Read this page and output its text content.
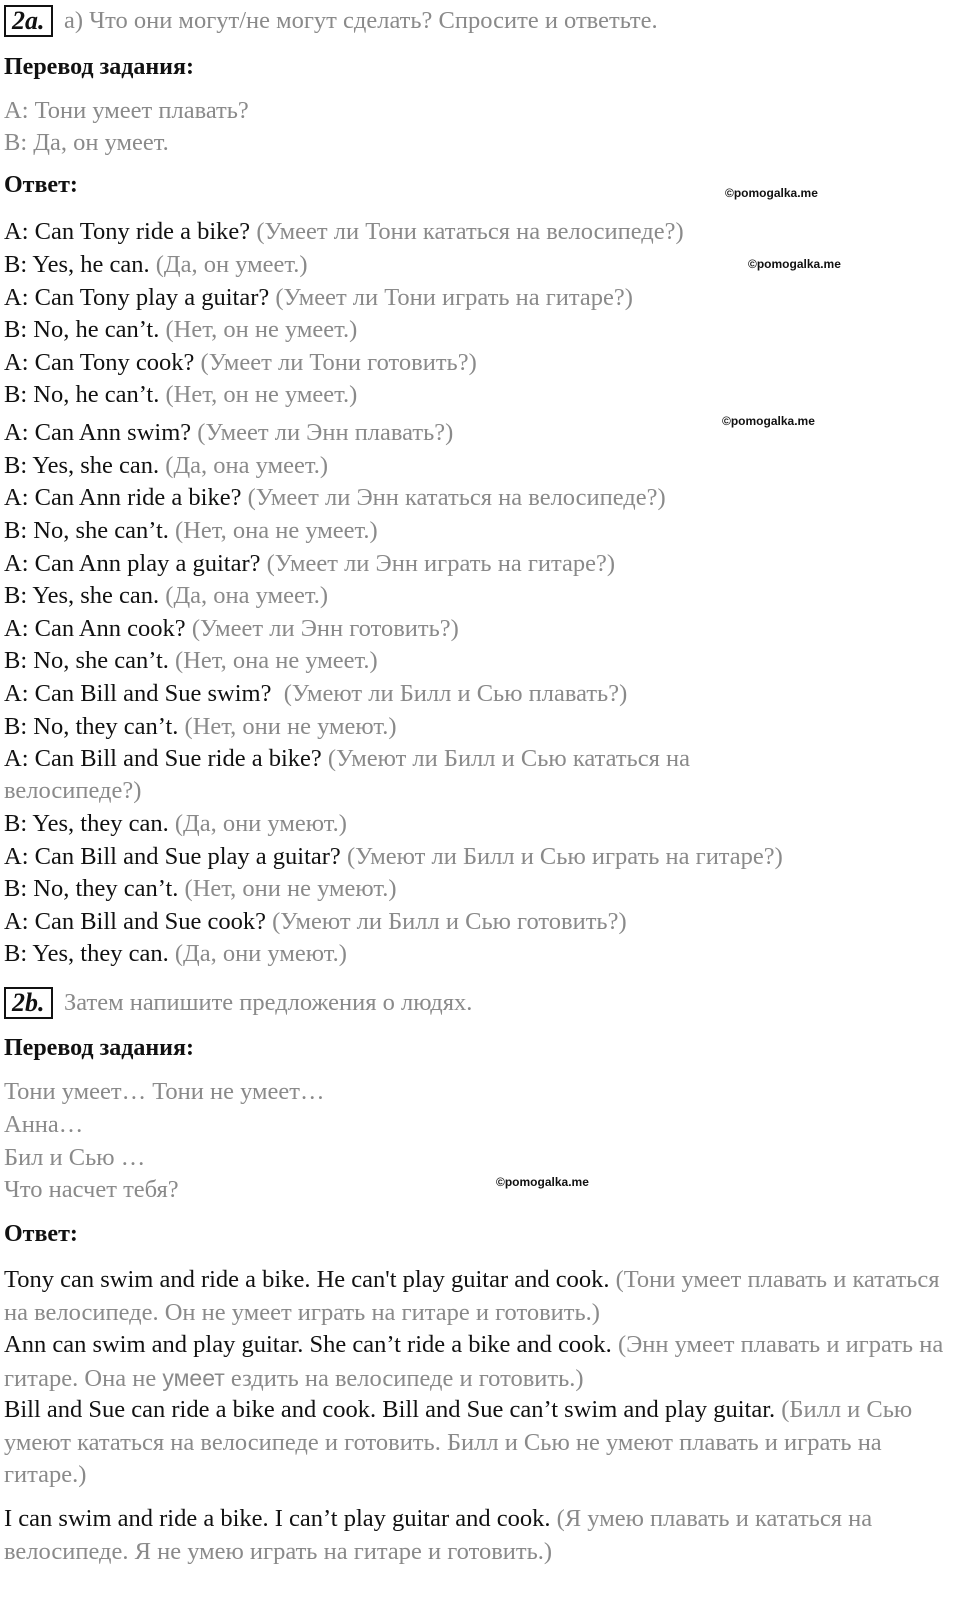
2a. а) Что они могут/не могут сделать? Спросите и ответьте.
Перевод задания:
А: Тони умеет плавать?
В: Да, он умеет.
Ответ:	©pomogalka.me
A: Can Tony ride a bike? (Умеет ли Тони кататься на велосипеде?)
B: Yes, he can. (Да, он умеет.)	©pomogalka.me
A: Can Tony play a guitar? (Умеет ли Тони играть на гитаре?)
B: No, he can’t. (Нет, он не умеет.)
A: Can Tony cook? (Умеет ли Тони готовить?)
B: No, he can’t. (Нет, он не умеет.)
©pomogalka.me
A: Can Ann swim? (Умеет ли Энн плавать?)
B: Yes, she can. (Да, она умеет.)
A: Can Ann ride a bike? (Умеет ли Энн кататься на велосипеде?)
B: No, she can’t. (Нет, она не умеет.)
A: Can Ann play a guitar? (Умеет ли Энн играть на гитаре?)
B: Yes, she can. (Да, она умеет.)
A: Can Ann cook? (Умеет ли Энн готовить?)
B: No, she can’t. (Нет, она не умеет.)
A: Can Bill and Sue swim? (Умеют ли Билл и Сью плавать?)
B: No, they can’t. (Нет, они не умеют.)
A: Can Bill and Sue ride a bike? (Умеют ли Билл и Сью кататься на
велосипеде?)
B: Yes, they can. (Да, они умеют.)
A: Can Bill and Sue play a guitar? (Умеют ли Билл и Сью играть на гитаре?)
B: No, they can’t. (Нет, они не умеют.)
A: Can Bill and Sue cook? (Умеют ли Билл и Сью готовить?)
B: Yes, they can. (Да, они умеют.)
2b. Затем напишите предложения о людях.
Перевод задания:
Тони умеет… Тони не умеет…
Анна…
Бил и Сью …
Что насчет тебя?	©pomogalka.me
Ответ:
Tony can swim and ride a bike. He can't play guitar and cook. (Тони умеет плавать и кататься на велосипеде. Он не умеет играть на гитаре и готовить.)
Ann can swim and play guitar. She can’t ride a bike and cook. (Энн умеет плавать и играть на гитаре. Она не умеет ездить на велосипеде и готовить.)
Bill and Sue can ride a bike and cook. Bill and Sue can’t swim and play guitar. (Билл и Сью умеют кататься на велосипеде и готовить. Билл и Сью не умеют плавать и играть на гитаре.)
I can swim and ride a bike. I can’t play guitar and cook. (Я умею плавать и кататься на велосипеде. Я не умею играть на гитаре и готовить.)
